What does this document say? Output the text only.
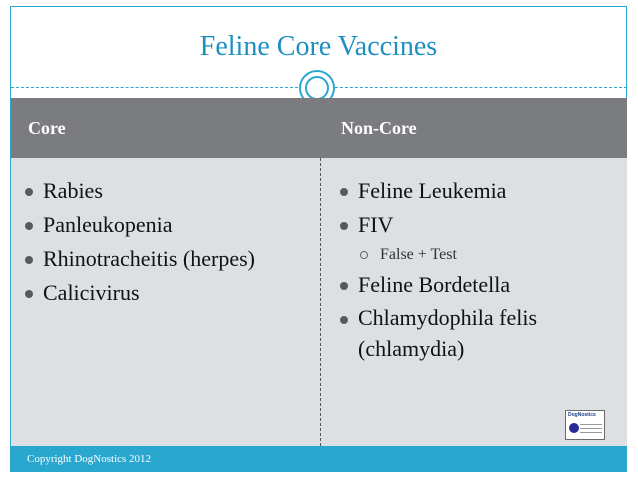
Feline Core Vaccines
Core	Non-Core
Rabies
Panleukopenia
Rhinotracheitis (herpes)
Calicivirus
Feline Leukemia
FIV
False + Test
Feline Bordetella
Chlamydophila felis (chlamydia)
DogNostics
Copyright DogNostics 2012
